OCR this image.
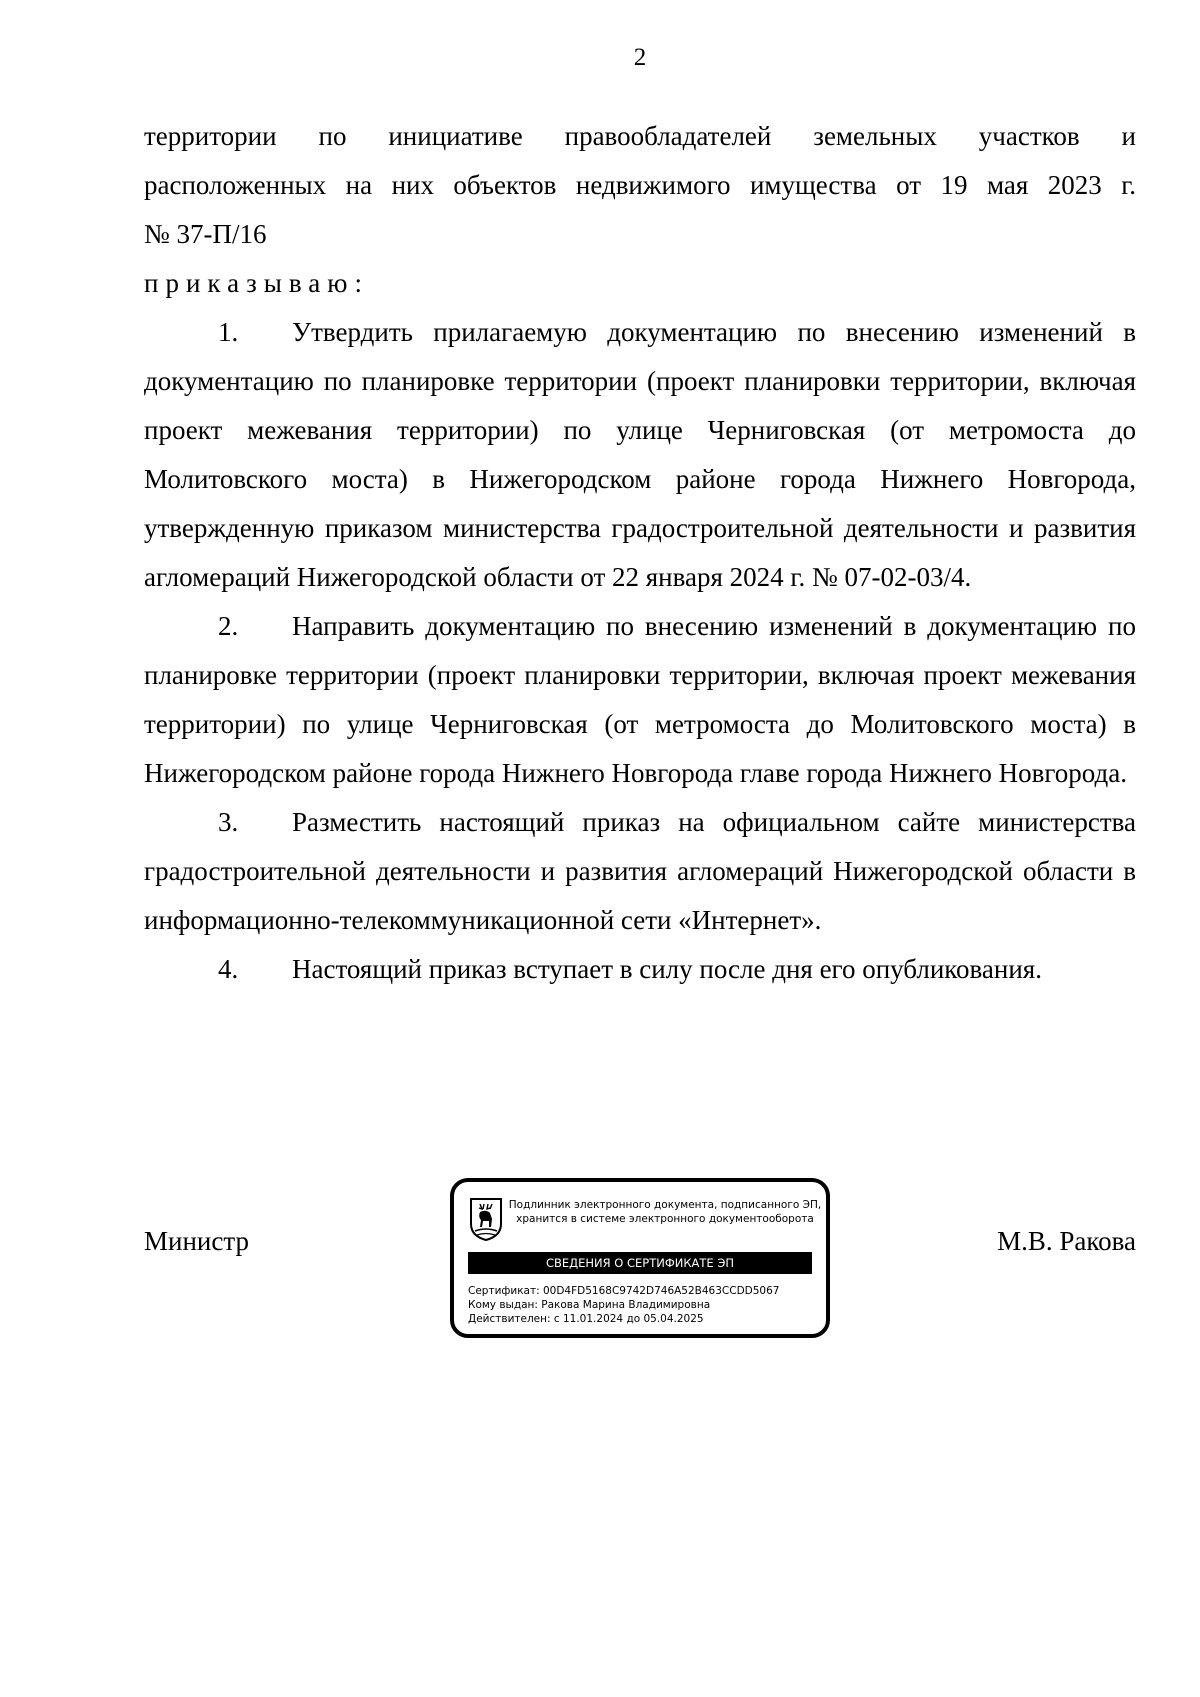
2

территории по инициативе правообладателей земельных участков и

расположенных на них объектов недвижимого имущества от 19 мая 2023 г.

№ 37-П/16

приказываю:

1. Утвердить прилагаемую документацию по внесению изменений в документацию по планировке территории (проект планировки территории, включая проект межевания территории) по улице Черниговская (от метромоста до Молитовского моста) в Нижегородском районе города Нижнего Новгорода, утвержденную приказом министерства градостроительной деятельности и развития агломераций Нижегородской области от 22 января 2024 г. № 07-02-03/4.

2. Направить документацию по внесению изменений в документацию по планировке территории (проект планировки территории, включая проект межевания территории) по улице Черниговская (от метромоста до Молитовского моста) в Нижегородском районе города Нижнего Новгорода главе города Нижнего Новгорода.

3. Разместить настоящий приказ на официальном сайте министерства градостроительной деятельности и развития агломераций Нижегородской области в информационно-телекоммуникационной сети «Интернет».

4. Настоящий приказ вступает в силу после дня его опубликования.

Министр
Подлинник электронного документа, подписанного ЭП,
хранится в системе электронного документооборота
СВЕДЕНИЯ О СЕРТИФИКАТЕ ЭП
Сертификат: 00D4FD5168C9742D746A52B463CCDD5067
Кому выдан: Ракова Марина Владимировна
Действителен: с 11.01.2024 до 05.04.2025
М.В. Ракова
